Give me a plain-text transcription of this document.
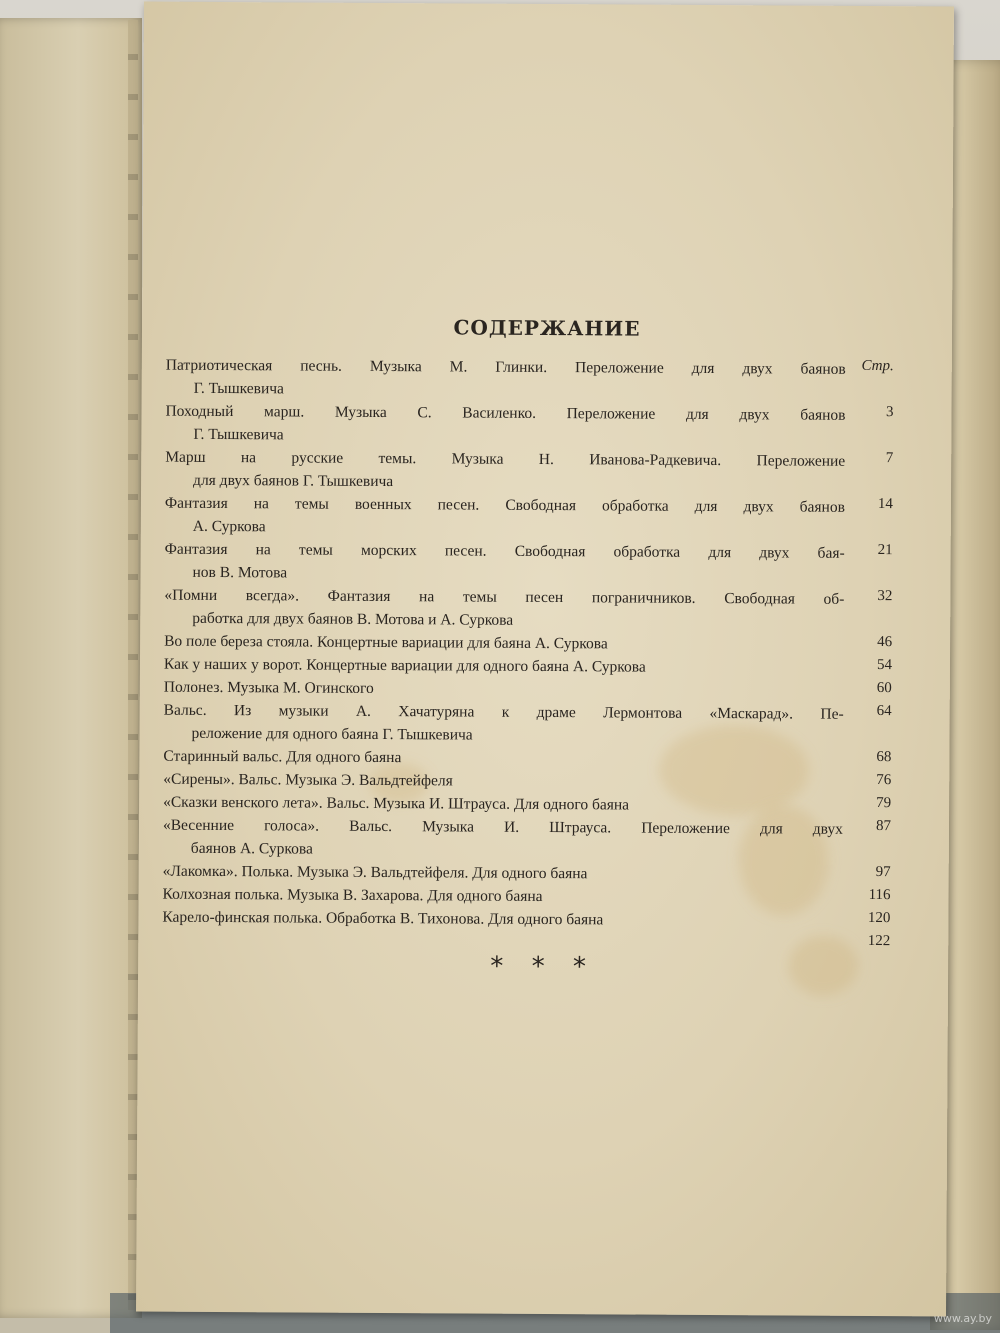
СОДЕРЖАНИЕ
Патриотическая песнь. Музыка М. Глинки. Переложение для двух баянов
Г. Тышкевича
Походный марш. Музыка С. Василенко. Переложение для двух баянов
Г. Тышкевича
Марш на русские темы. Музыка Н. Иванова-Радкевича. Переложение
для двух баянов Г. Тышкевича
Фантазия на темы военных песен. Свободная обработка для двух баянов
А. Суркова
Фантазия на темы морских песен. Свободная обработка для двух бая-
нов В. Мотова
«Помни всегда». Фантазия на темы песен пограничников. Свободная об-
работка для двух баянов В. Мотова и А. Суркова
Во поле береза стояла. Концертные вариации для баяна А. Суркова
Как у наших у ворот. Концертные вариации для одного баяна А. Суркова
Полонез. Музыка М. Огинского
Вальс. Из музыки А. Хачатуряна к драме Лермонтова «Маскарад». Пе-
реложение для одного баяна Г. Тышкевича
Старинный вальс. Для одного баяна
«Сирены». Вальс. Музыка Э. Вальдтейфеля
«Сказки венского лета». Вальс. Музыка И. Штрауса. Для одного баяна
«Весенние голоса». Вальс. Музыка И. Штрауса. Переложение для двух
баянов А. Суркова
«Лакомка». Полька. Музыка Э. Вальдтейфеля. Для одного баяна
Колхозная полька. Музыка В. Захарова. Для одного баяна
Карело-финская полька. Обработка В. Тихонова. Для одного баяна
Стр.
3
7
14
21
32
46
54
60
64
68
76
79
87
97
116
120
122
* * *
www.ay.by
